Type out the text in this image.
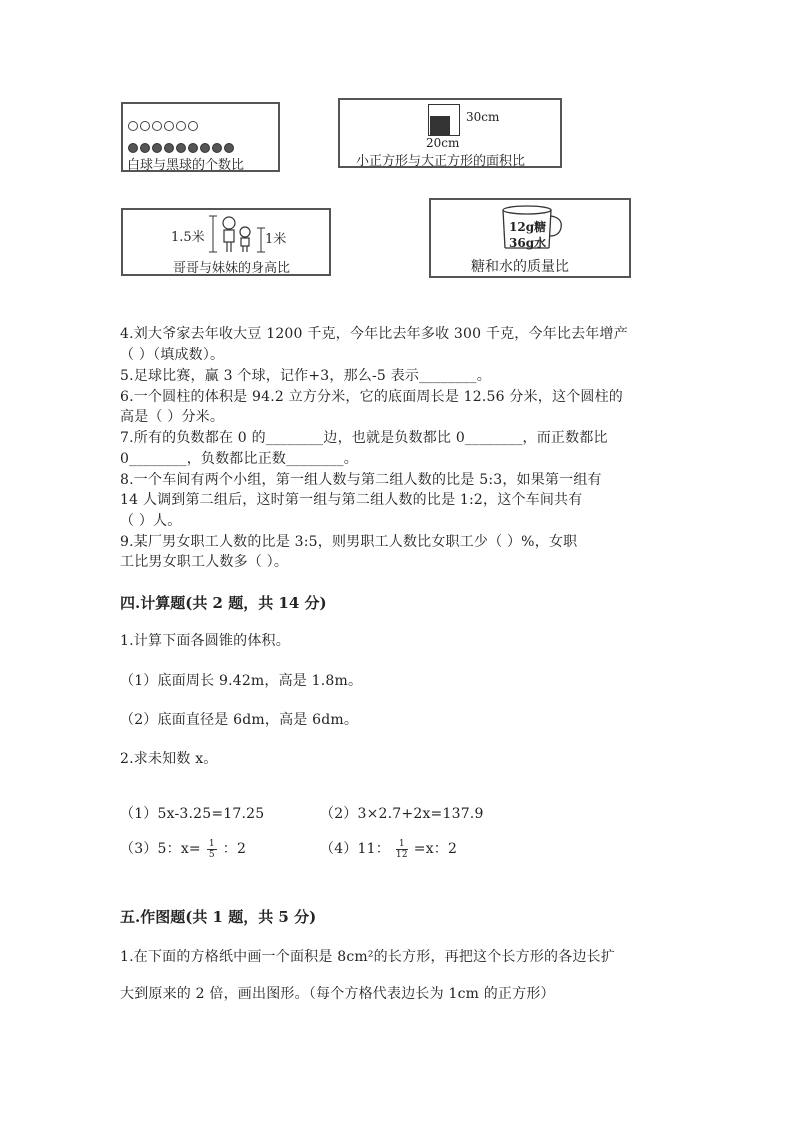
白球与黑球的个数比
30cm
20cm
小正方形与大正方形的面积比
1.5米	1米
哥哥与妹妹的身高比
12g糖
36g水
糖和水的质量比
4.刘大爷家去年收大豆 1200 千克，今年比去年多收 300 千克，今年比去年增产
（ ）（填成数）。
5.足球比赛，赢 3 个球，记作+3，那么-5 表示________。
6.一个圆柱的体积是 94.2 立方分米，它的底面周长是 12.56 分米，这个圆柱的
高是（ ）分米。
7.所有的负数都在 0 的________边，也就是负数都比 0________，而正数都比
0________，负数都比正数________。
8.一个车间有两个小组，第一组人数与第二组人数的比是 5:3，如果第一组有
14 人调到第二组后，这时第一组与第二组人数的比是 1:2，这个车间共有
（ ）人。
9.某厂男女职工人数的比是 3:5，则男职工人数比女职工少（ ）%，女职
工比男女职工人数多（ ）。
四.计算题(共 2 题，共 14 分)
1.计算下面各圆锥的体积。
（1）底面周长 9.42m，高是 1.8m。
（2）底面直径是 6dm，高是 6dm。
2.求未知数 x。
（1）5x-3.25=17.25	（2）3×2.7+2x=137.9
（3）5：$x= \frac{1}{5}$ ：2	（4）11： $\frac{1}{12} =x$：2
五.作图题(共 1 题，共 5 分)
1.在下面的方格纸中画一个面积是 8cm²的长方形，再把这个长方形的各边长扩
大到原来的 2 倍，画出图形。（每个方格代表边长为 1cm 的正方形）
